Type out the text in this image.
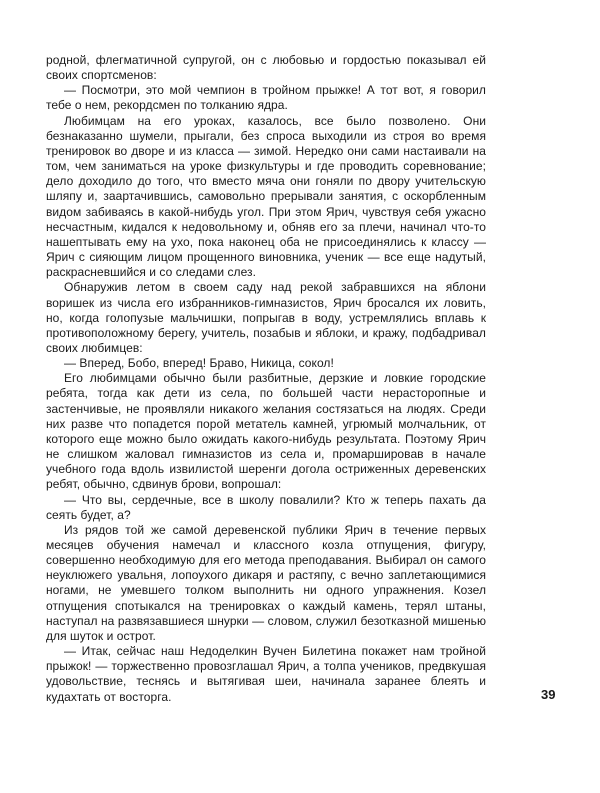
родной, флегматичной супругой, он с любовью и гордостью показывал ей своих спортсменов:

— Посмотри, это мой чемпион в тройном прыжке! А тот вот, я говорил тебе о нем, рекордсмен по толканию ядра.

Любимцам на его уроках, казалось, все было позволено. Они безнаказанно шумели, прыгали, без спроса выходили из строя во время тренировок во дворе и из класса — зимой. Нередко они сами настаивали на том, чем заниматься на уроке физкультуры и где проводить соревнование; дело доходило до того, что вместо мяча они гоняли по двору учительскую шляпу и, заартачившись, самовольно прерывали занятия, с оскорбленным видом забиваясь в какой-нибудь угол. При этом Ярич, чувствуя себя ужасно несчастным, кидался к недовольному и, обняв его за плечи, начинал что-то нашептывать ему на ухо, пока наконец оба не присоединялись к классу — Ярич с сияющим лицом прощенного виновника, ученик — все еще надутый, раскрасневшийся и со следами слез.

Обнаружив летом в своем саду над рекой забравшихся на яблони воришек из числа его избранников-гимназистов, Ярич бросался их ловить, но, когда голопузые мальчишки, попрыгав в воду, устремлялись вплавь к противоположному берегу, учитель, позабыв и яблоки, и кражу, подбадривал своих любимцев:

— Вперед, Бобо, вперед! Браво, Никица, сокол!

Его любимцами обычно были разбитные, дерзкие и ловкие городские ребята, тогда как дети из села, по большей части нерасторопные и застенчивые, не проявляли никакого желания состязаться на людях. Среди них разве что попадется порой метатель камней, угрюмый молчальник, от которого еще можно было ожидать какого-нибудь результата. Поэтому Ярич не слишком жаловал гимназистов из села и, промаршировав в начале учебного года вдоль извилистой шеренги догола остриженных деревенских ребят, обычно, сдвинув брови, вопрошал:

— Что вы, сердечные, все в школу повалили? Кто ж теперь пахать да сеять будет, а?

Из рядов той же самой деревенской публики Ярич в течение первых месяцев обучения намечал и классного козла отпущения, фигуру, совершенно необходимую для его метода преподавания. Выбирал он самого неуклюжего увальня, лопоухого дикаря и растяпу, с вечно заплетающимися ногами, не умевшего толком выполнить ни одного упражнения. Козел отпущения спотыкался на тренировках о каждый камень, терял штаны, наступал на развязавшиеся шнурки — словом, служил безотказной мишенью для шуток и острот.

— Итак, сейчас наш Недоделкин Вучен Билетина покажет нам тройной прыжок! — торжественно провозглашал Ярич, а толпа учеников, предвкушая удовольствие, теснясь и вытягивая шеи, начинала заранее блеять и кудахтать от восторга.	39
